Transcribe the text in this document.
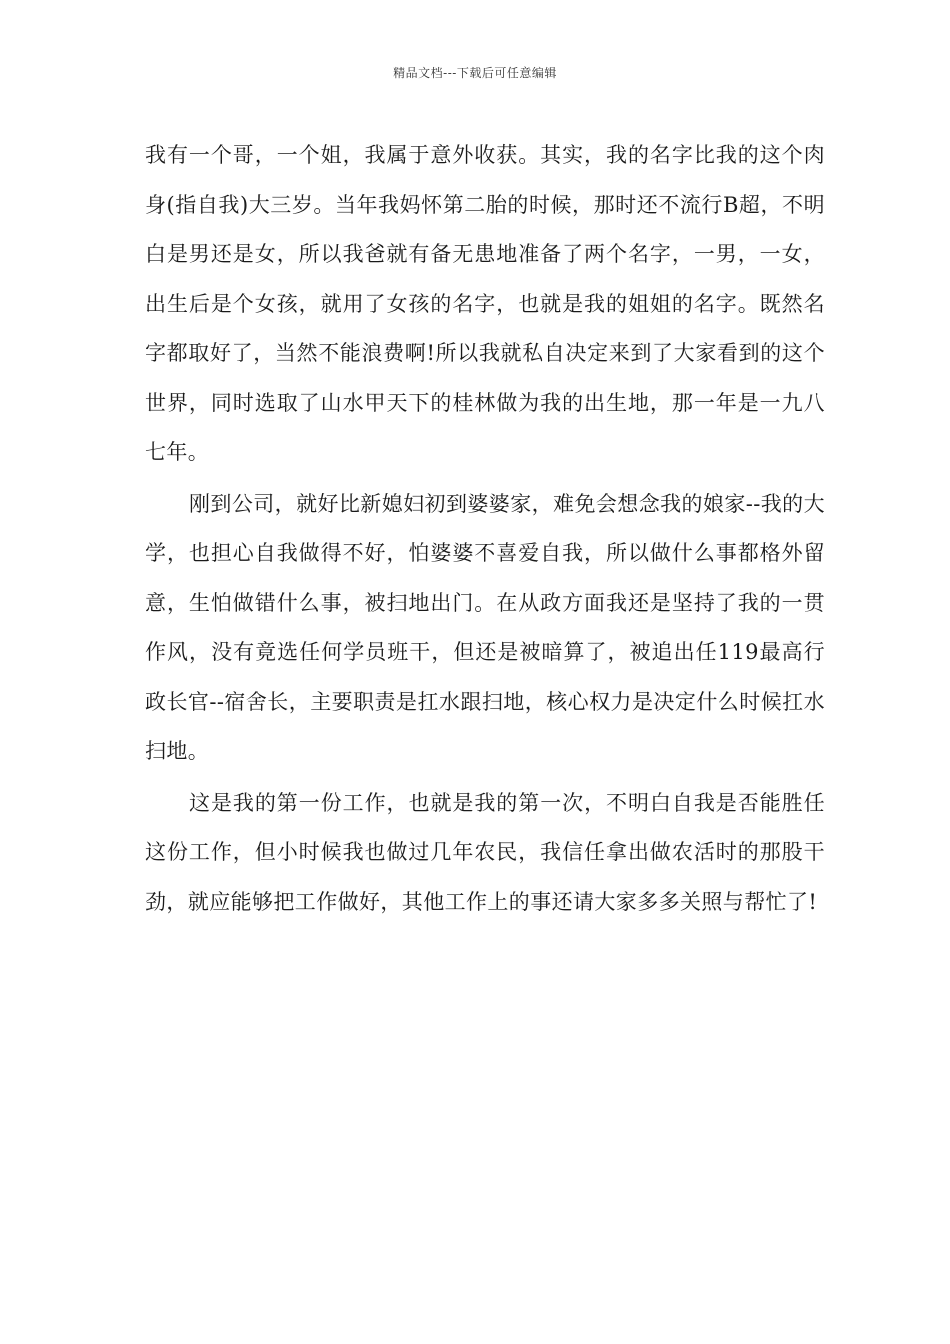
精品文档---下载后可任意编辑

我有一个哥，一个姐，我属于意外收获。其实，我的名字比我的这个肉身(指自我)大三岁。当年我妈怀第二胎的时候，那时还不流行B超，不明白是男还是女，所以我爸就有备无患地准备了两个名字，一男，一女，出生后是个女孩，就用了女孩的名字，也就是我的姐姐的名字。既然名字都取好了，当然不能浪费啊!所以我就私自决定来到了大家看到的这个世界，同时选取了山水甲天下的桂林做为我的出生地，那一年是一九八七年。

刚到公司，就好比新媳妇初到婆婆家，难免会想念我的娘家--我的大学，也担心自我做得不好，怕婆婆不喜爱自我，所以做什么事都格外留意，生怕做错什么事，被扫地出门。在从政方面我还是坚持了我的一贯作风，没有竟选任何学员班干，但还是被暗算了，被追出任119最高行政长官--宿舍长，主要职责是扛水跟扫地，核心权力是决定什么时候扛水扫地。

这是我的第一份工作，也就是我的第一次，不明白自我是否能胜任这份工作，但小时候我也做过几年农民，我信任拿出做农活时的那股干劲，就应能够把工作做好，其他工作上的事还请大家多多关照与帮忙了!
